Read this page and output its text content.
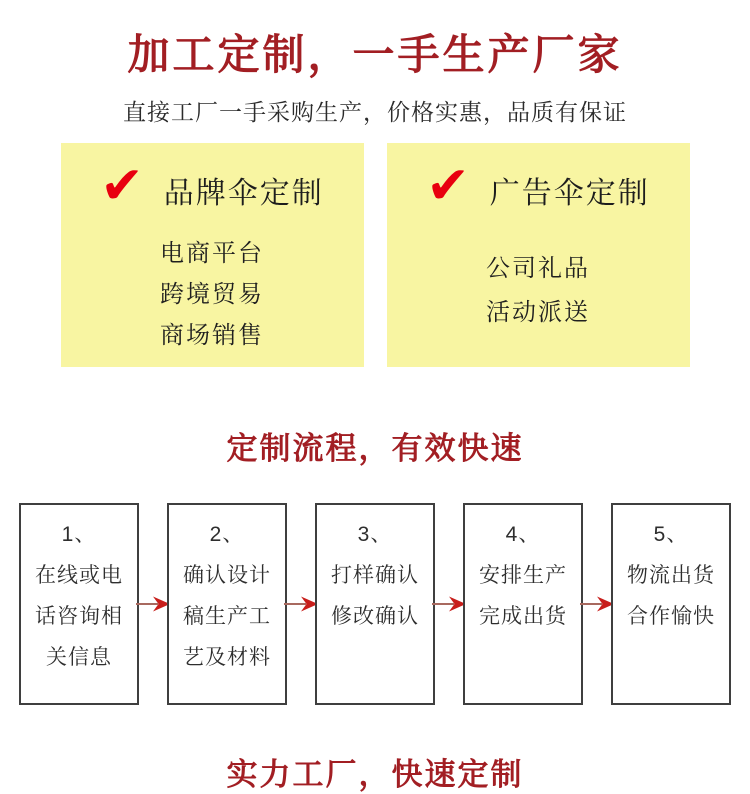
加工定制，一手生产厂家

直接工厂一手采购生产，价格实惠，品质有保证

✔ 品牌伞定制
电商平台
跨境贸易
商场销售
✔ 广告伞定制
公司礼品
活动派送
定制流程，有效快速
1、
在线或电
话咨询相
关信息
2、
确认设计
稿生产工
艺及材料
3、
打样确认
修改确认
4、
安排生产
完成出货
5、
物流出货
合作愉快
实力工厂，快速定制
